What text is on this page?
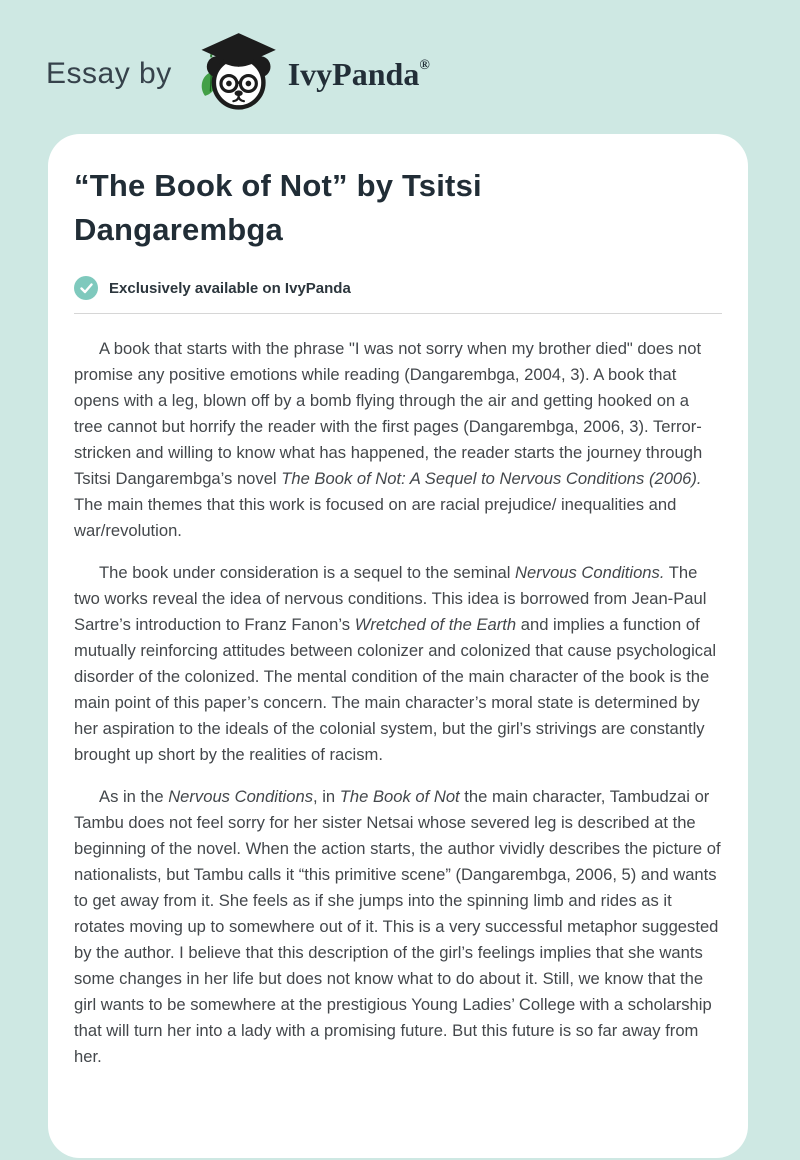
Essay by	IvyPanda ®
“The Book of Not” by Tsitsi Dangarembga
Exclusively available on IvyPanda

A book that starts with the phrase "I was not sorry when my brother died" does not promise any positive emotions while reading (Dangarembga, 2004, 3). A book that opens with a leg, blown off by a bomb flying through the air and getting hooked on a tree cannot but horrify the reader with the first pages (Dangarembga, 2006, 3). Terror-stricken and willing to know what has happened, the reader starts the journey through Tsitsi Dangarembga’s novel The Book of Not: A Sequel to Nervous Conditions (2006). The main themes that this work is focused on are racial prejudice/ inequalities and war/revolution.

The book under consideration is a sequel to the seminal Nervous Conditions. The two works reveal the idea of nervous conditions. This idea is borrowed from Jean-Paul Sartre’s introduction to Franz Fanon’s Wretched of the Earth and implies a function of mutually reinforcing attitudes between colonizer and colonized that cause psychological disorder of the colonized. The mental condition of the main character of the book is the main point of this paper’s concern. The main character’s moral state is determined by her aspiration to the ideals of the colonial system, but the girl’s strivings are constantly brought up short by the realities of racism.

As in the Nervous Conditions, in The Book of Not the main character, Tambudzai or Tambu does not feel sorry for her sister Netsai whose severed leg is described at the beginning of the novel. When the action starts, the author vividly describes the picture of nationalists, but Tambu calls it “this primitive scene” (Dangarembga, 2006, 5) and wants to get away from it. She feels as if she jumps into the spinning limb and rides as it rotates moving up to somewhere out of it. This is a very successful metaphor suggested by the author. I believe that this description of the girl’s feelings implies that she wants some changes in her life but does not know what to do about it. Still, we know that the girl wants to be somewhere at the prestigious Young Ladies’ College with a scholarship that will turn her into a lady with a promising future. But this future is so far away from her.
